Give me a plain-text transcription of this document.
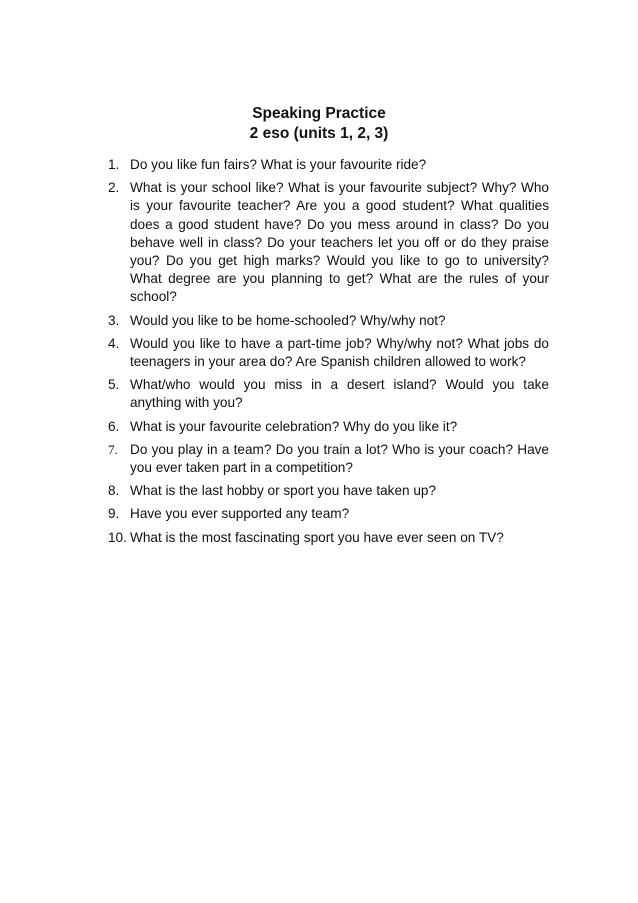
Speaking Practice
2 eso (units 1, 2, 3)
1. Do you like fun fairs? What is your favourite ride?
2. What is your school like? What is your favourite subject? Why? Who is your favourite teacher? Are you a good student? What qualities does a good student have? Do you mess around in class? Do you behave well in class? Do your teachers let you off or do they praise you? Do you get high marks? Would you like to go to university? What degree are you planning to get? What are the rules of your school?
3. Would you like to be home-schooled? Why/why not?
4. Would you like to have a part-time job? Why/why not? What jobs do teenagers in your area do? Are Spanish children allowed to work?
5. What/who would you miss in a desert island? Would you take anything with you?
6. What is your favourite celebration? Why do you like it?
7. Do you play in a team? Do you train a lot? Who is your coach? Have you ever taken part in a competition?
8. What is the last hobby or sport you have taken up?
9. Have you ever supported any team?
10. What is the most fascinating sport you have ever seen on TV?
